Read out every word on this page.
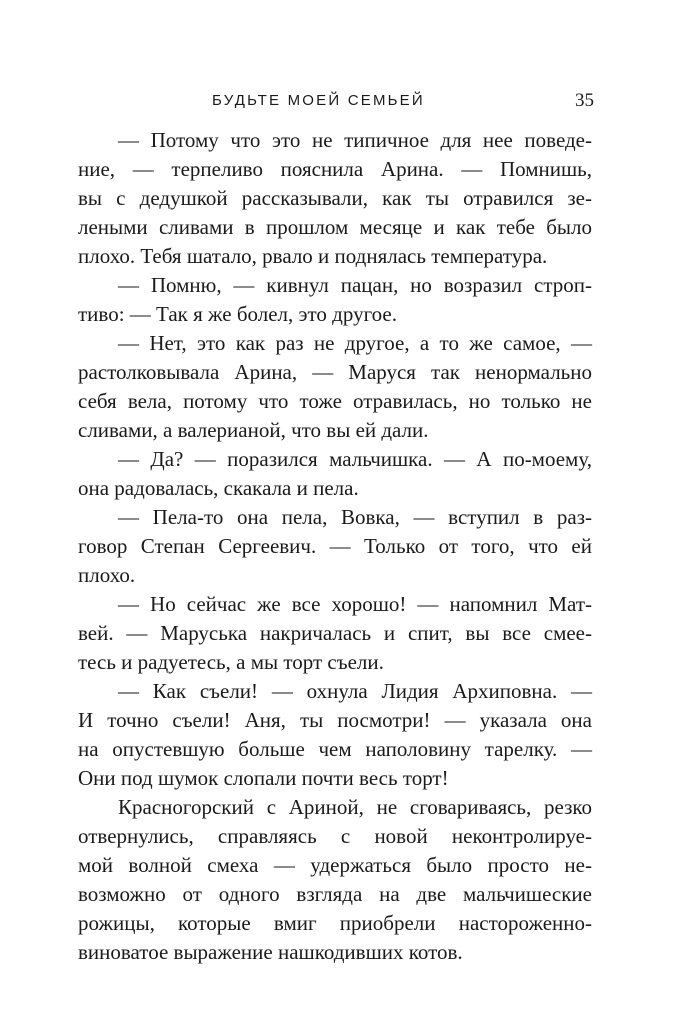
БУДЬТЕ МОЕЙ СЕМЬЕЙ	35
— Потому что это не типичное для нее поведе-
ние, — терпеливо пояснила Арина. — Помнишь,
вы с дедушкой рассказывали, как ты отравился зе-
леными сливами в прошлом месяце и как тебе было
плохо. Тебя шатало, рвало и поднялась температура.
— Помню, — кивнул пацан, но возразил строп-
тиво: — Так я же болел, это другое.
— Нет, это как раз не другое, а то же самое, —
растолковывала Арина, — Маруся так ненормально
себя вела, потому что тоже отравилась, но только не
сливами, а валерианой, что вы ей дали.
— Да? — поразился мальчишка. — А по-моему,
она радовалась, скакала и пела.
— Пела-то она пела, Вовка, — вступил в раз-
говор Степан Сергеевич. — Только от того, что ей
плохо.
— Но сейчас же все хорошо! — напомнил Мат-
вей. — Маруська накричалась и спит, вы все смее-
тесь и радуетесь, а мы торт съели.
— Как съели! — охнула Лидия Архиповна. —
И точно съели! Аня, ты посмотри! — указала она
на опустевшую больше чем наполовину тарелку. —
Они под шумок слопали почти весь торт!
Красногорский с Ариной, не сговариваясь, резко
отвернулись, справляясь с новой неконтролируе-
мой волной смеха — удержаться было просто не-
возможно от одного взгляда на две мальчишеские
рожицы, которые вмиг приобрели настороженно-
виноватое выражение нашкодивших котов.
